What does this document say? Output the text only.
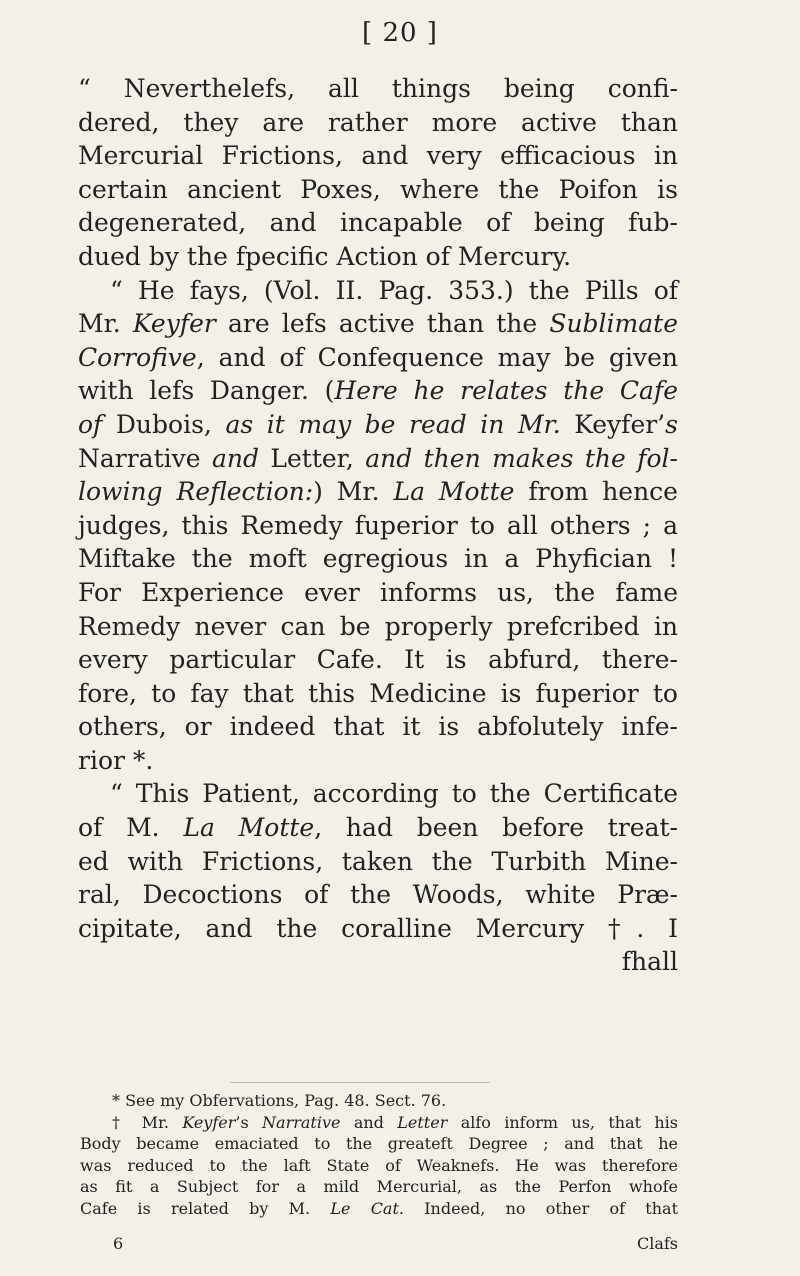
[ 20 ]
“ Neverthelefs, all things being confi-
dered, they are rather more active than
Mercurial Frictions, and very efficacious in
certain ancient Poxes, where the Poifon is
degenerated, and incapable of being fub-
dued by the fpecific Action of Mercury.
“ He fays, (Vol. II. Pag. 353.) the Pills of
Mr. Keyfer are lefs active than the Sublimate
Corrofive, and of Confequence may be given
with lefs Danger. (Here he relates the Cafe
of Dubois, as it may be read in Mr. Keyfer’s
Narrative and Letter, and then makes the fol-
lowing Reflection:) Mr. La Motte from hence
judges, this Remedy fuperior to all others ; a
Miftake the moft egregious in a Phyfician !
For Experience ever informs us, the fame
Remedy never can be properly prefcribed in
every particular Cafe. It is abfurd, there-
fore, to fay that this Medicine is fuperior to
others, or indeed that it is abfolutely infe-
rior *.
“ This Patient, according to the Certificate
of M. La Motte, had been before treat-
ed with Frictions, taken the Turbith Mine-
ral, Decoctions of the Woods, white Præ-
cipitate, and the coralline Mercury †. I
fhall
* See my Obfervations, Pag. 48. Sect. 76.
† Mr. Keyfer’s Narrative and Letter alfo inform us, that his
Body became emaciated to the greateft Degree ; and that he
was reduced to the laft State of Weaknefs. He was therefore
as fit a Subject for a mild Mercurial, as the Perfon whofe
Cafe is related by M. Le Cat. Indeed, no other of that
6	Clafs
